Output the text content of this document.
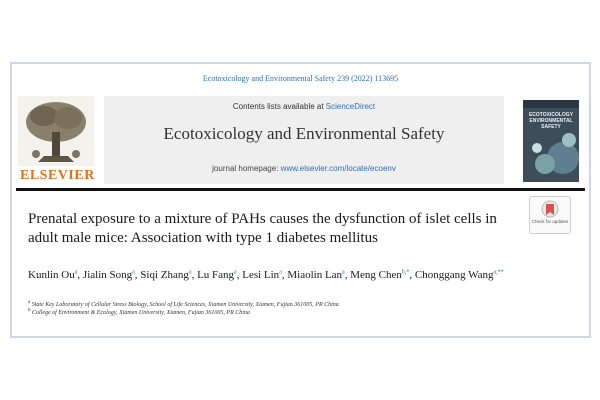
Ecotoxicology and Environmental Safety 239 (2022) 113695
ELSEVIER
Contents lists available at ScienceDirect
Ecotoxicology and Environmental Safety
journal homepage: www.elsevier.com/locate/ecoenv
ECOTOXICOLOGY ENVIRONMENTAL SAFETY
Prenatal exposure to a mixture of PAHs causes the dysfunction of islet cells in adult male mice: Association with type 1 diabetes mellitus
Check for updates
Kunlin Ou$^a$, Jialin Song$^a$, Siqi Zhang$^a$, Lu Fang$^a$, Lesi Lin$^a$, Miaolin Lan$^a$, Meng Chen$^{b,*}$, Chonggang Wang$^{a,**}$
$^a$ State Key Laboratory of Cellular Stress Biology, School of Life Sciences, Xiamen University, Xiamen, Fujian 361005, PR China
$^b$ College of Environment & Ecology, Xiamen University, Xiamen, Fujian 361005, PR China
